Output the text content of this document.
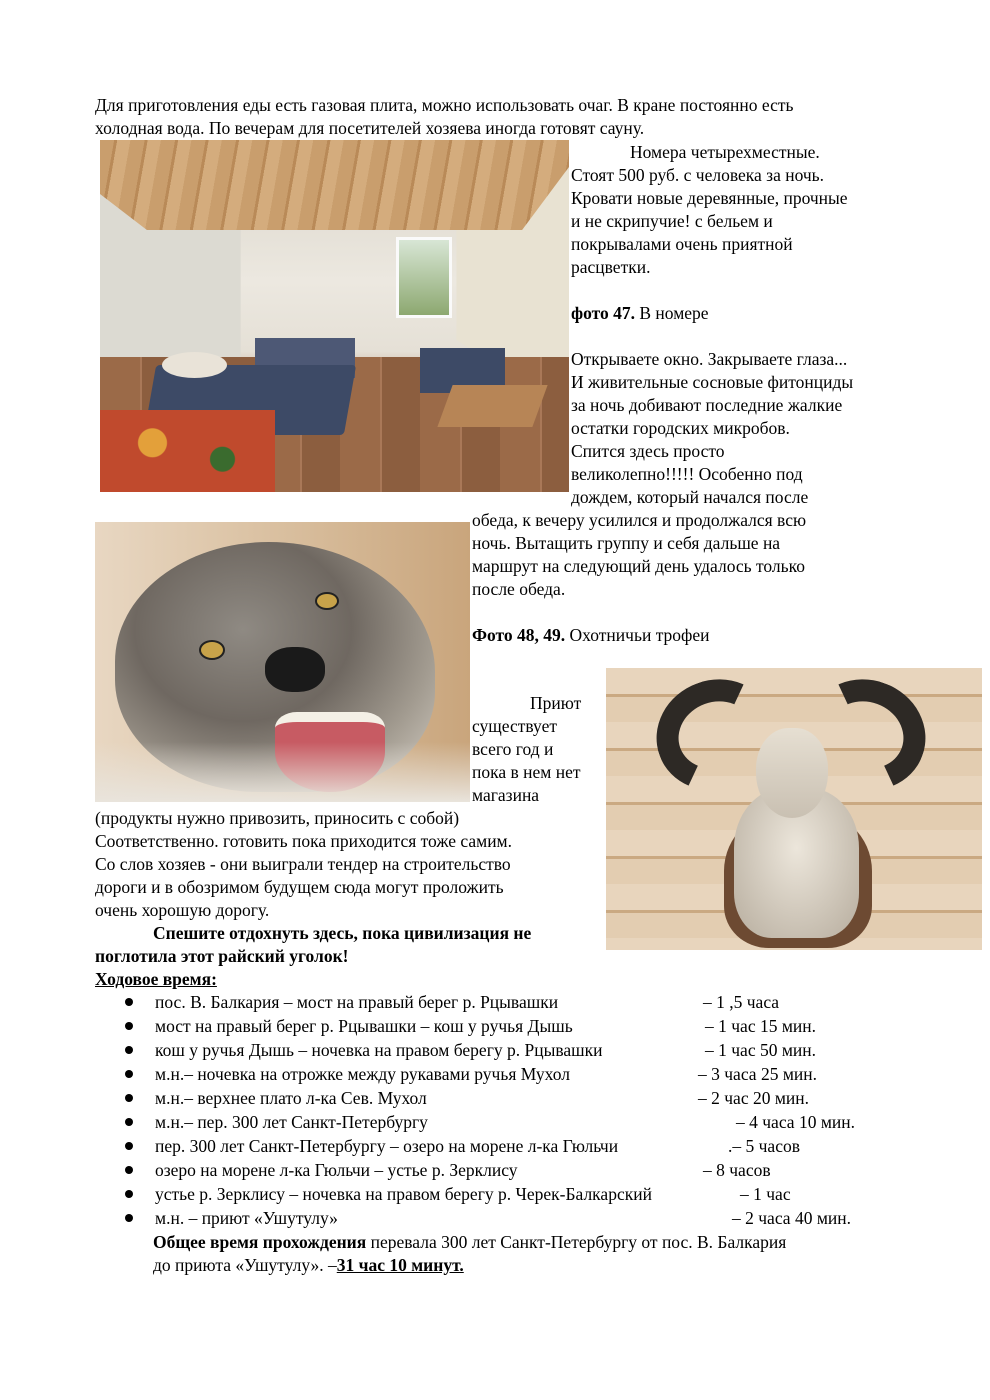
Для приготовления еды есть газовая плита, можно использовать очаг. В кране постоянно есть
холодная вода. По вечерам для посетителей хозяева иногда готовят сауну.
Номера четырехместные.
Стоят 500 руб. с человека за ночь.
Кровати новые деревянные, прочные
и не скрипучие! с бельем и
покрывалами очень приятной
расцветки.
фото 47. В номере
Открываете окно. Закрываете глаза...
И живительные сосновые фитонциды
за ночь добивают последние жалкие
остатки городских микробов.
Спится здесь просто
великолепно!!!!! Особенно под
дождем, который начался после
обеда, к вечеру усилился и продолжался всю
ночь. Вытащить группу и себя дальше на
маршрут на следующий день удалось только
после обеда.
Фото 48, 49. Охотничьи трофеи
Приют
существует
всего год и
пока в нем нет
магазина
(продукты нужно привозить, приносить с собой)
Соответственно. готовить пока приходится тоже самим.
Со слов хозяев - они выиграли тендер на строительство
дороги и в обозримом будущем сюда могут проложить
очень хорошую дорогу.
Спешите отдохнуть здесь, пока цивилизация не
поглотила этот райский уголок!
Ходовое время:
пос. В. Балкария – мост на правый берег р. Рцывашки	– 1 ,5 часа
мост на правый берег р. Рцывашки – кош у ручья Дышь	– 1 час 15 мин.
кош у ручья Дышь – ночевка на правом берегу р. Рцывашки	– 1 час 50 мин.
м.н.– ночевка на отрожке между рукавами ручья Мухол	– 3 часа 25 мин.
м.н.– верхнее плато л-ка Сев. Мухол	– 2 час 20 мин.
м.н.– пер. 300 лет Санкт-Петербургу	– 4 часа 10 мин.
пер. 300 лет Санкт-Петербургу – озеро на морене л-ка Гюльчи	.– 5 часов
озеро на морене л-ка Гюльчи – устье р. Зерклису	– 8 часов
устье р. Зерклису – ночевка на правом берегу р. Черек-Балкарский	– 1 час
м.н. – приют «Ушутулу»	– 2 часа 40 мин.
Общее время прохождения перевала 300 лет Санкт-Петербургу от пос. В. Балкария
до приюта «Ушутулу». –31 час 10 минут.
